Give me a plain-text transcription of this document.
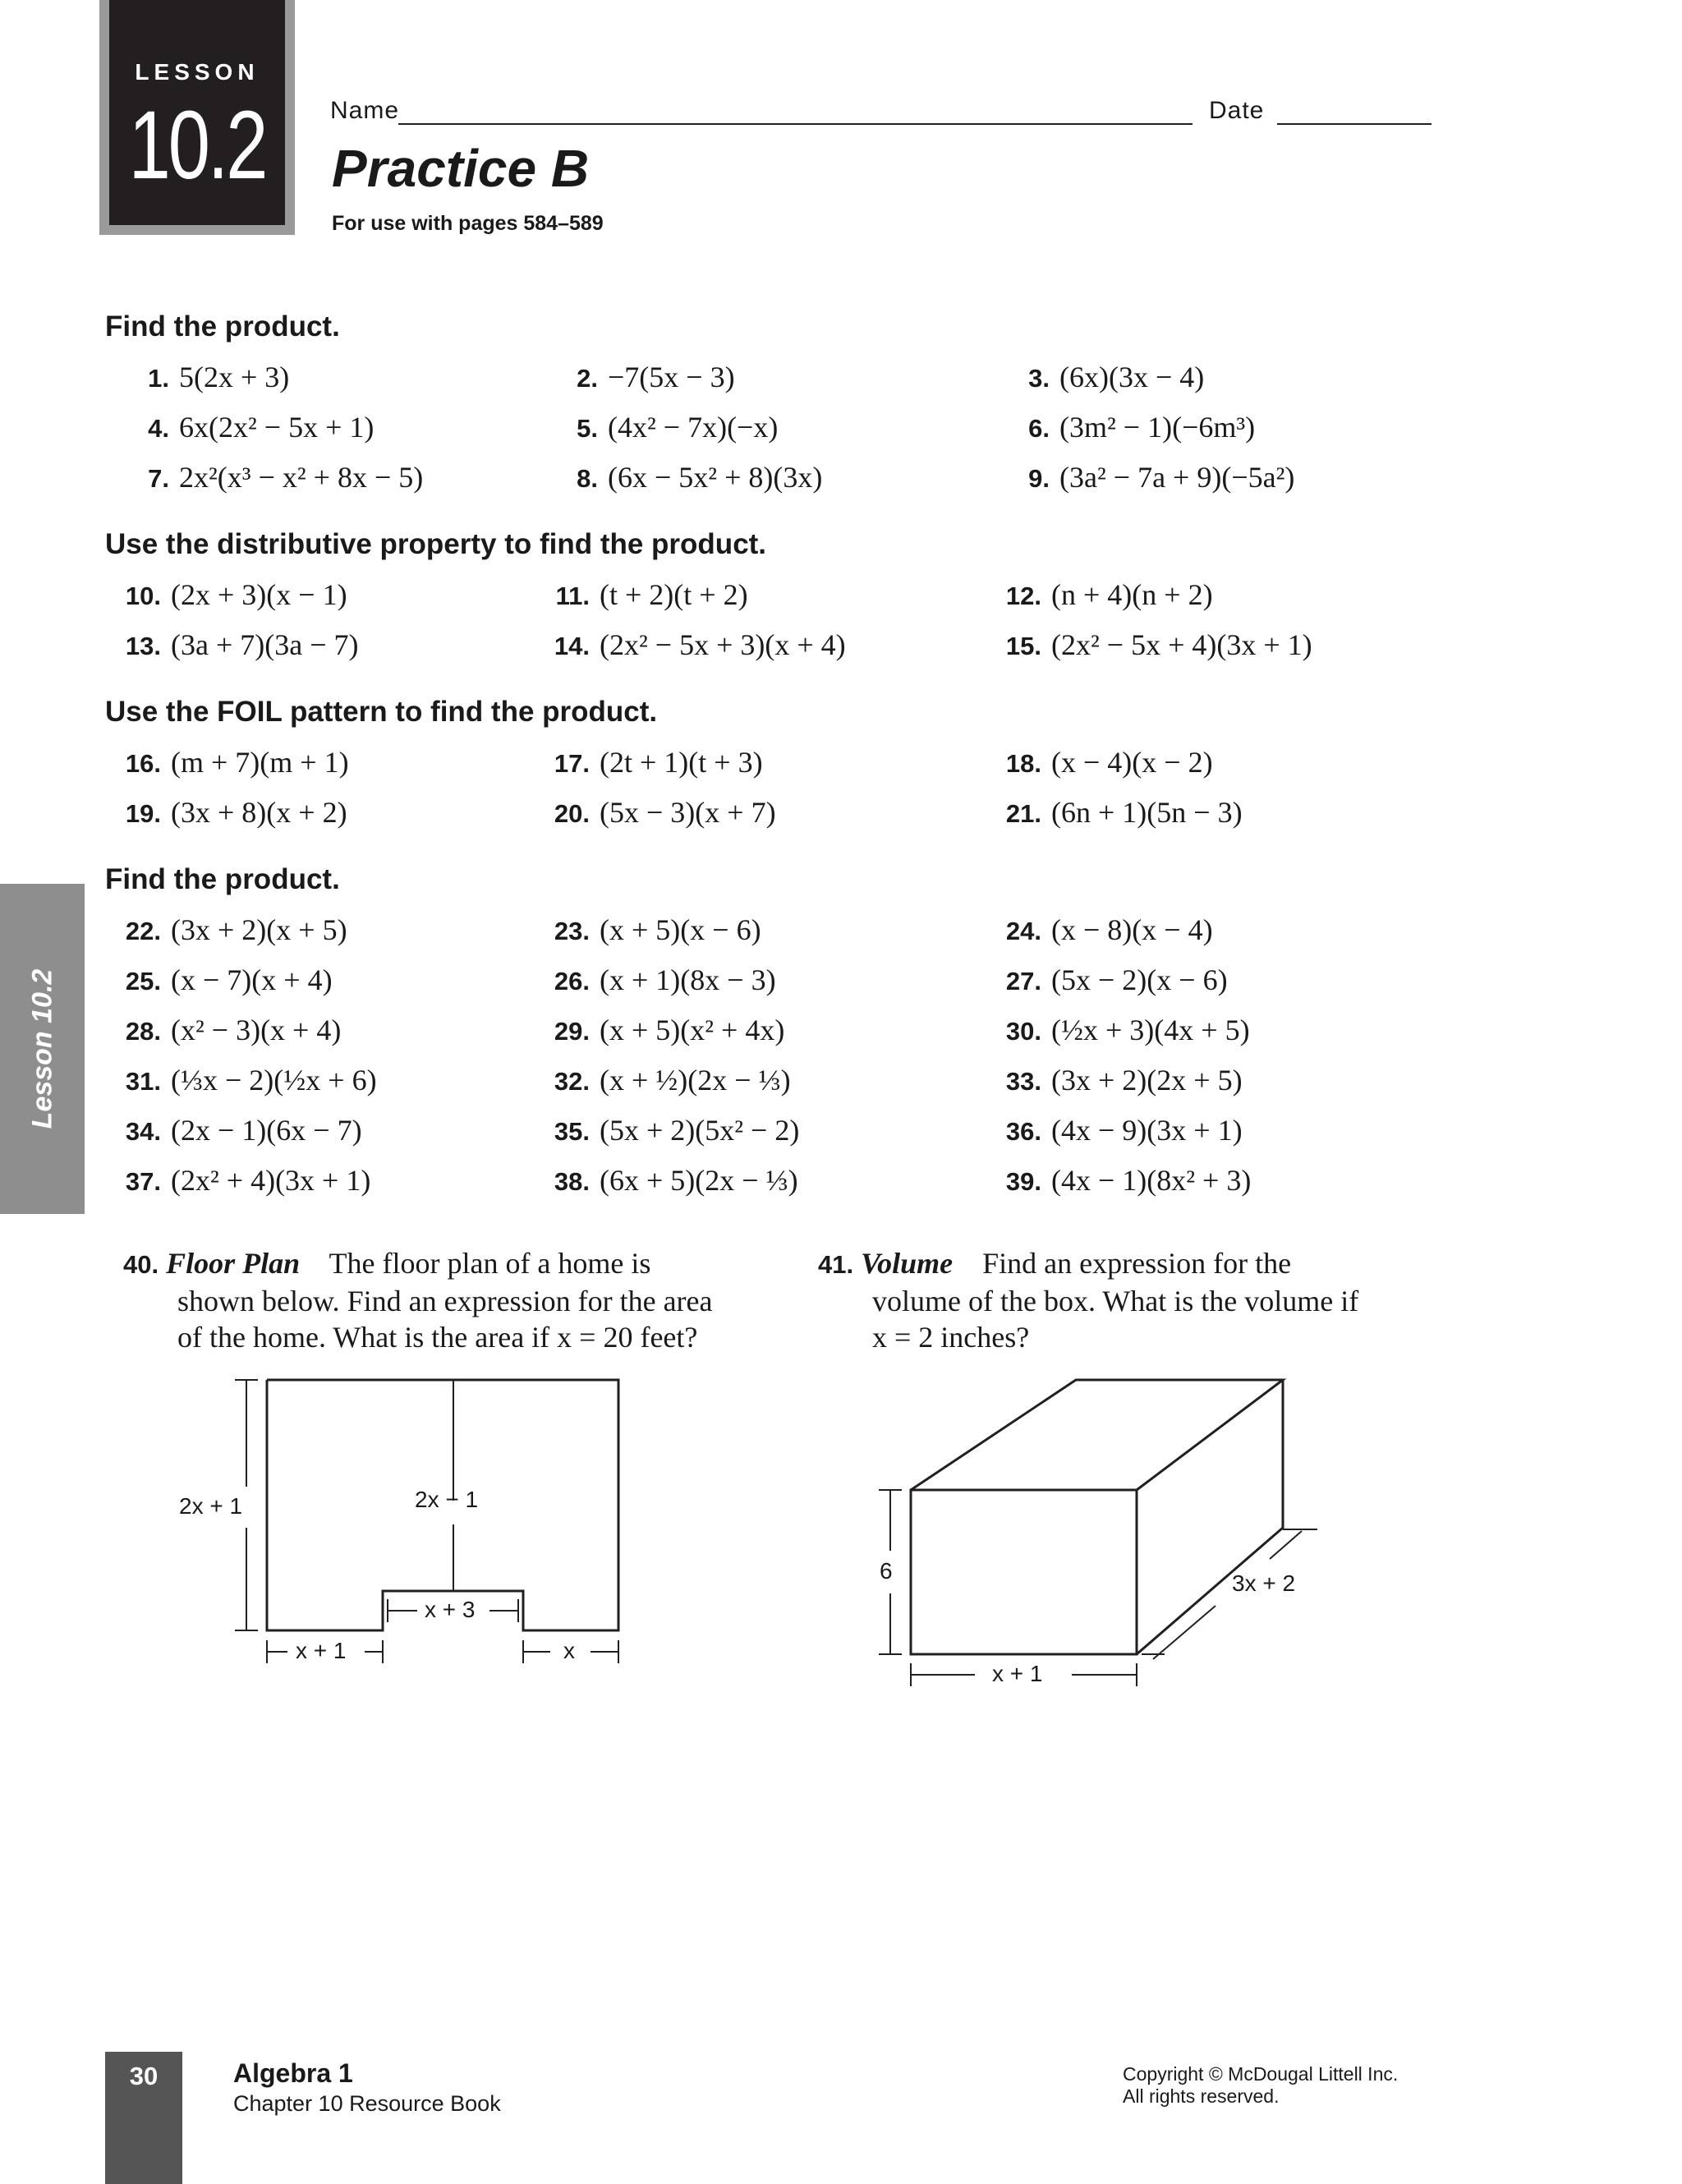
LESSON
10.2	Name	Date
Practice B
For use with pages 584–589
Lesson 10.2
Find the product.
1. 5(2x + 3)	2. −7(5x − 3)	3. (6x)(3x − 4)
4. 6x(2x² − 5x + 1)	5. (4x² − 7x)(−x)	6. (3m² − 1)(−6m³)
7. 2x²(x³ − x² + 8x − 5)	8. (6x − 5x² + 8)(3x)	9. (3a² − 7a + 9)(−5a²)
Use the distributive property to find the product.
10. (2x + 3)(x − 1)	11. (t + 2)(t + 2)	12. (n + 4)(n + 2)
13. (3a + 7)(3a − 7)	14. (2x² − 5x + 3)(x + 4)	15. (2x² − 5x + 4)(3x + 1)
Use the FOIL pattern to find the product.
16. (m + 7)(m + 1)	17. (2t + 1)(t + 3)	18. (x − 4)(x − 2)
19. (3x + 8)(x + 2)	20. (5x − 3)(x + 7)	21. (6n + 1)(5n − 3)
Find the product.
22. (3x + 2)(x + 5)	23. (x + 5)(x − 6)	24. (x − 8)(x − 4)
25. (x − 7)(x + 4)	26. (x + 1)(8x − 3)	27. (5x − 2)(x − 6)
28. (x² − 3)(x + 4)	29. (x + 5)(x² + 4x)	30. (½x + 3)(4x + 5)
31. (⅓x − 2)(½x + 6)	32. (x + ½)(2x − ⅓)	33. (3x + 2)(2x + 5)
34. (2x − 1)(6x − 7)	35. (5x + 2)(5x² − 2)	36. (4x − 9)(3x + 1)
37. (2x² + 4)(3x + 1)	38. (6x + 5)(2x − ⅓)	39. (4x − 1)(8x² + 3)
40. Floor Plan The floor plan of a home is
shown below. Find an expression for the area
of the home. What is the area if x = 20 feet?
41. Volume Find an expression for the
volume of the box. What is the volume if
x = 2 inches?
2x + 1	2x − 1
x + 3
x + 1	x
6	3x + 2
x + 1
30	Algebra 1
Chapter 10 Resource Book
Copyright © McDougal Littell Inc.
All rights reserved.
